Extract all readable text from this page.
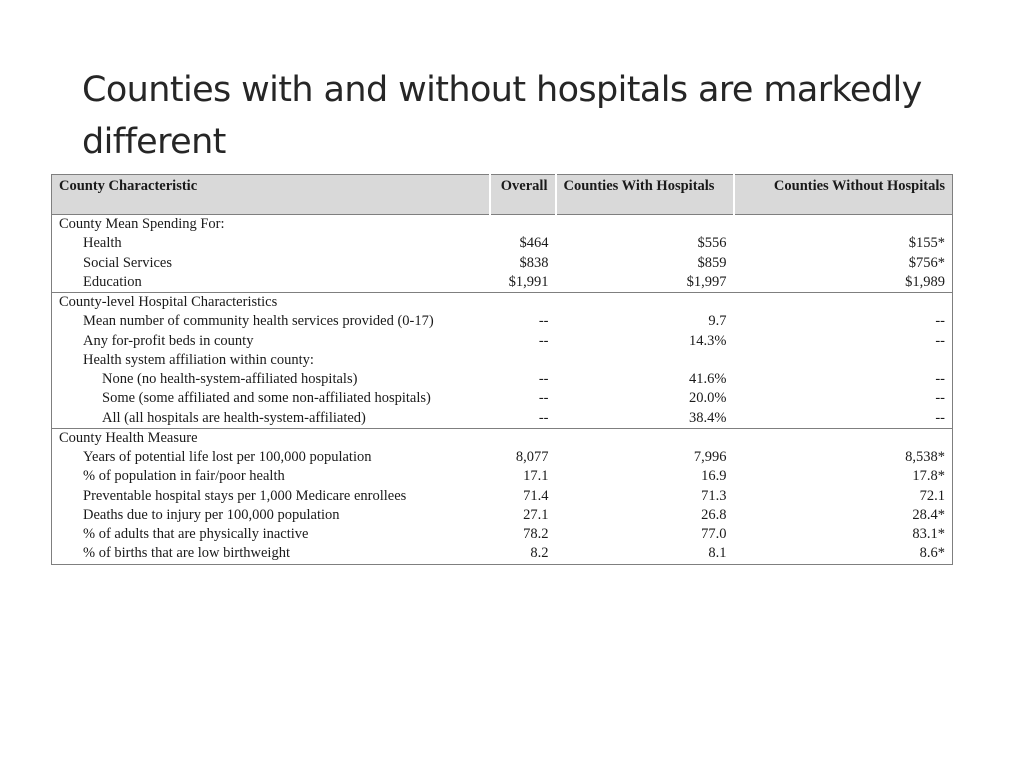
Counties with and without hospitals are markedly different
County Characteristic	Overall	Counties With Hospitals	Counties Without Hospitals
County Mean Spending For:			
Health	$464	$556	$155*
Social Services	$838	$859	$756*
Education	$1,991	$1,997	$1,989
County-level Hospital Characteristics			
Mean number of community health services provided (0-17)	--	9.7	--
Any for-profit beds in county	--	14.3%	--
Health system affiliation within county:			
None (no health-system-affiliated hospitals)	--	41.6%	--
Some (some affiliated and some non-affiliated hospitals)	--	20.0%	--
All (all hospitals are health-system-affiliated)	--	38.4%	--
County Health Measure			
Years of potential life lost per 100,000 population	8,077	7,996	8,538*
% of population in fair/poor health	17.1	16.9	17.8*
Preventable hospital stays per 1,000 Medicare enrollees	71.4	71.3	72.1
Deaths due to injury per 100,000 population	27.1	26.8	28.4*
% of adults that are physically inactive	78.2	77.0	83.1*
% of births that are low birthweight	8.2	8.1	8.6*
